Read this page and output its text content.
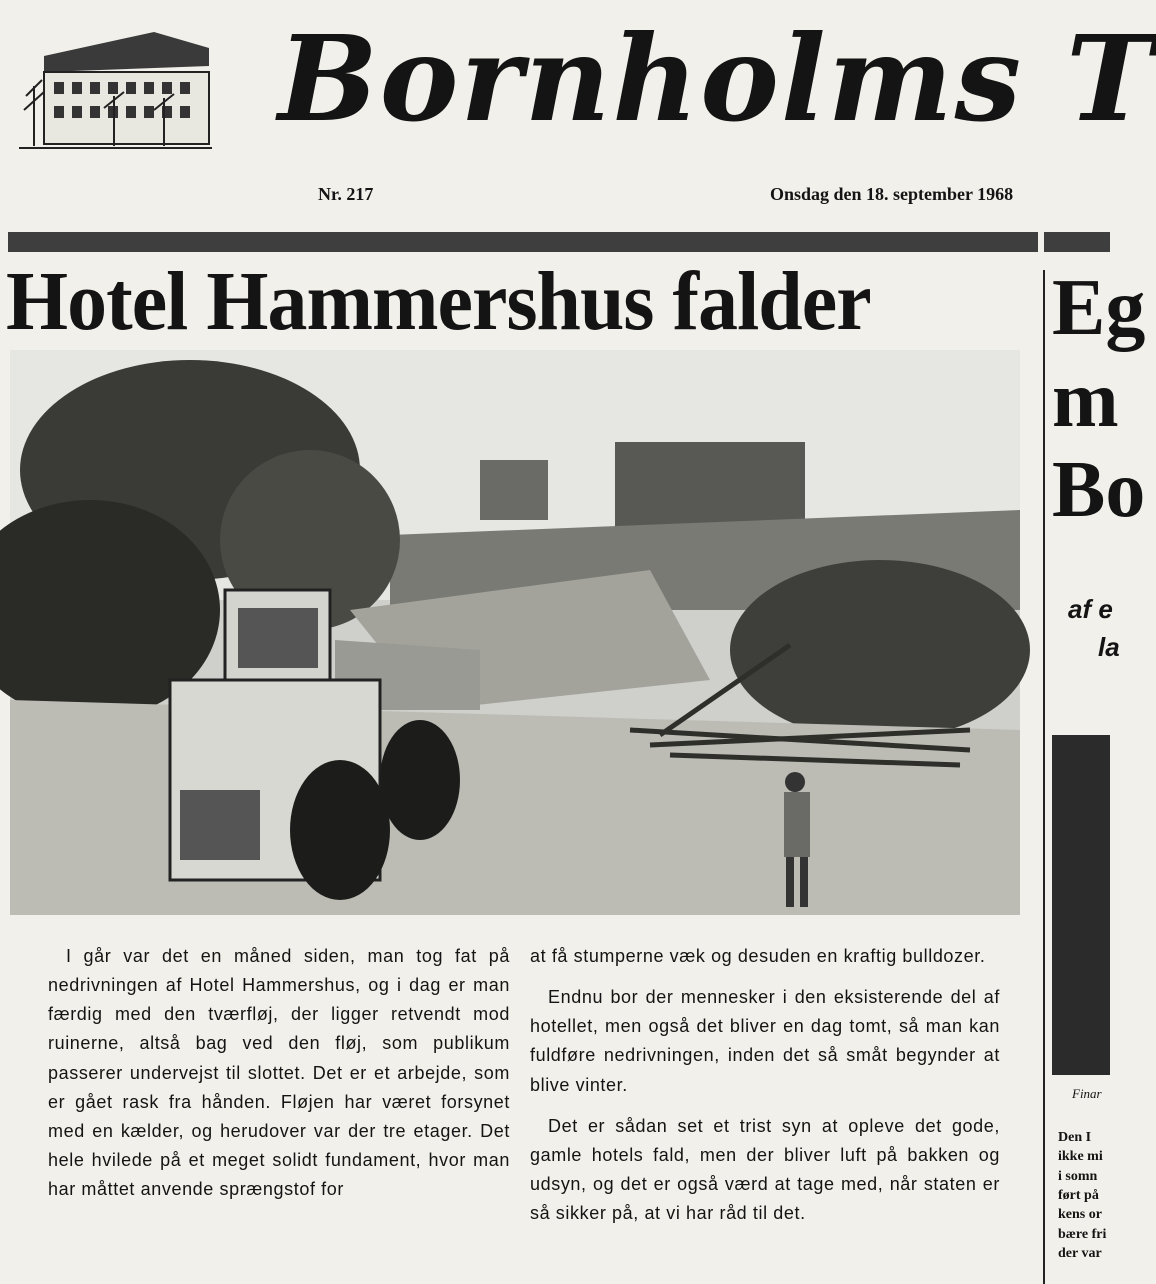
Bornholms T
Nr. 217	Onsdag den 18. september 1968
Hotel Hammershus falder

I går var det en måned siden, man tog fat på nedrivningen af Hotel Hammershus, og i dag er man færdig med den tværfløj, der ligger retvendt mod ruinerne, altså bag ved den fløj, som publikum passerer undervejst til slottet. Det er et arbejde, som er gået rask fra hånden. Fløjen har været forsynet med en kælder, og herudover var der tre etager. Det hele hvilede på et meget solidt fundament, hvor man har måttet anvende sprængstof for

at få stumperne væk og desuden en kraftig bulldozer.

Endnu bor der mennesker i den eksisterende del af hotellet, men også det bliver en dag tomt, så man kan fuldføre nedrivningen, inden det så småt begynder at blive vinter.

Det er sådan set et trist syn at opleve det gode, gamle hotels fald, men der bliver luft på bakken og udsyn, og det er også værd at tage med, når staten er så sikker på, at vi har råd til det.

Eg
m
Bo
af e
la
Finar
Den I
ikke mi
i somn
ført på
kens or
bære fri
der var
